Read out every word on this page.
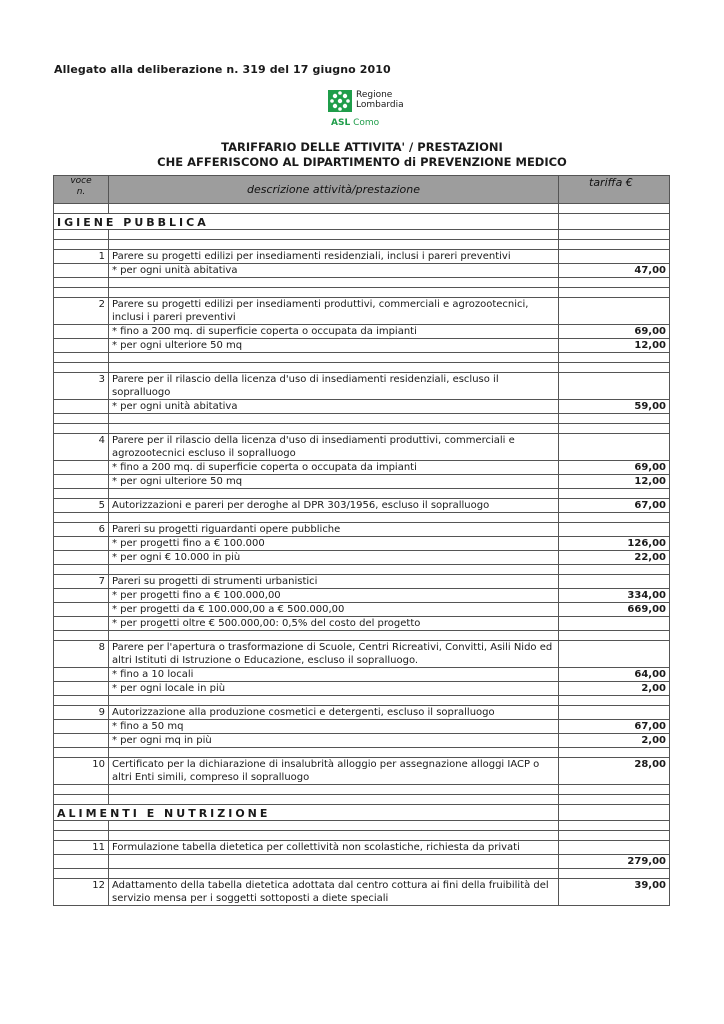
Allegato alla deliberazione n. 319 del 17 giugno 2010
Regione
Lombardia
ASL Como
TARIFFARIO DELLE ATTIVITA' / PRESTAZIONI
CHE AFFERISCONO AL DIPARTIMENTO di PREVENZIONE MEDICO
voce
n.	descrizione attività/prestazione	tariffa €

IGIENE PUBBLICA		

1	Parere su progetti edilizi per insediamenti residenziali, inclusi i pareri preventivi	
	* per ogni unità abitativa	47,00

2	Parere su progetti edilizi per insediamenti produttivi, commerciali e agrozootecnici, inclusi i pareri preventivi	
	* fino a 200 mq. di superficie coperta o occupata da impianti	69,00
	* per ogni ulteriore 50 mq	12,00

3	Parere per il rilascio della licenza d'uso di insediamenti residenziali, escluso il sopralluogo	
	* per ogni unità abitativa	59,00

4	Parere per il rilascio della licenza d'uso di insediamenti produttivi, commerciali e agrozootecnici escluso il sopralluogo	
	* fino a 200 mq. di superficie coperta o occupata da impianti	69,00
	* per ogni ulteriore 50 mq	12,00

5	Autorizzazioni e pareri per deroghe al DPR 303/1956, escluso il sopralluogo	67,00

6	Pareri su progetti riguardanti opere pubbliche	
	* per progetti fino a € 100.000	126,00
	* per ogni € 10.000 in più	22,00

7	Pareri su progetti di strumenti urbanistici	
	* per progetti fino a € 100.000,00	334,00
	* per progetti da € 100.000,00 a € 500.000,00	669,00
	* per progetti oltre € 500.000,00: 0,5% del costo del progetto	

8	Parere per l'apertura o trasformazione di Scuole, Centri Ricreativi, Convitti, Asili Nido ed altri Istituti di Istruzione o Educazione, escluso il sopralluogo.	
	* fino a 10 locali	64,00
	* per ogni locale in più	2,00

9	Autorizzazione alla produzione cosmetici e detergenti, escluso il sopralluogo	
	* fino a 50 mq	67,00
	* per ogni mq in più	2,00

10	Certificato per la dichiarazione di insalubrità alloggio per assegnazione alloggi IACP o altri Enti simili, compreso il sopralluogo	28,00

ALIMENTI E NUTRIZIONE		

11	Formulazione tabella dietetica per collettività non scolastiche, richiesta da privati	
		279,00

12	Adattamento della tabella dietetica adottata dal centro cottura ai fini della fruibilità del servizio mensa per i soggetti sottoposti a diete speciali	39,00
